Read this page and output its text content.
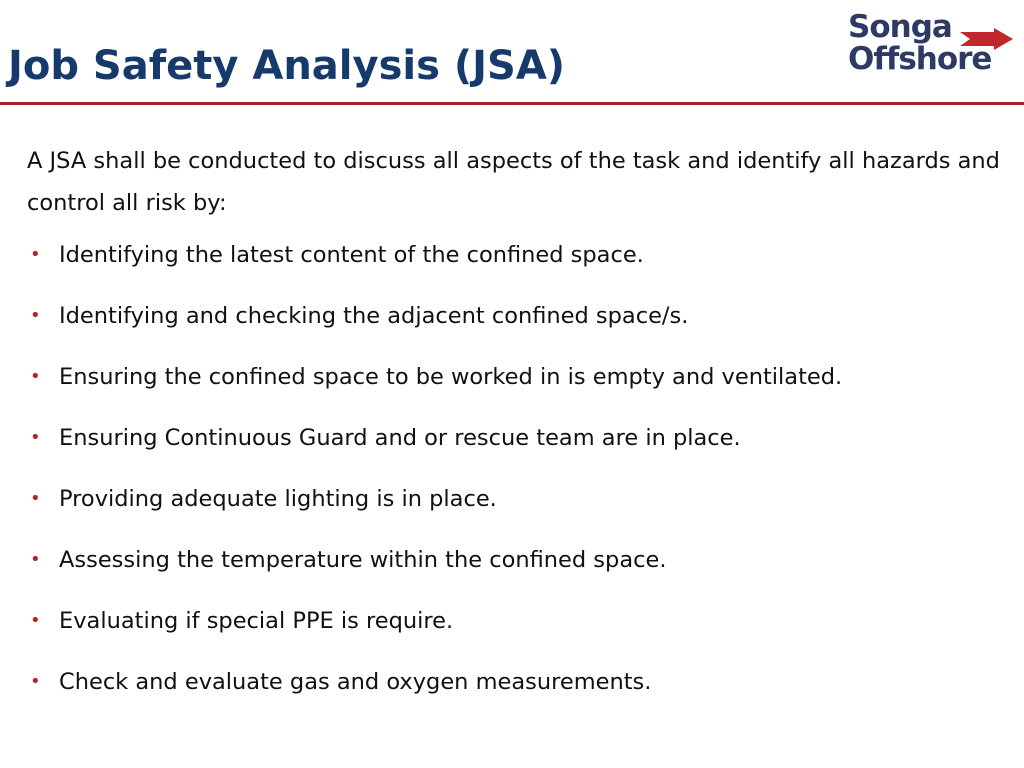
Job Safety Analysis (JSA)
Songa
Offshore

A JSA shall be conducted to discuss all aspects of the task and identify all hazards and control all risk by:

• Identifying the latest content of the confined space.
• Identifying and checking the adjacent confined space/s.
• Ensuring the confined space to be worked in is empty and ventilated.
• Ensuring Continuous Guard and or rescue team are in place.
• Providing adequate lighting is in place.
• Assessing the temperature within the confined space.
• Evaluating if special PPE is require.
• Check and evaluate gas and oxygen measurements.
